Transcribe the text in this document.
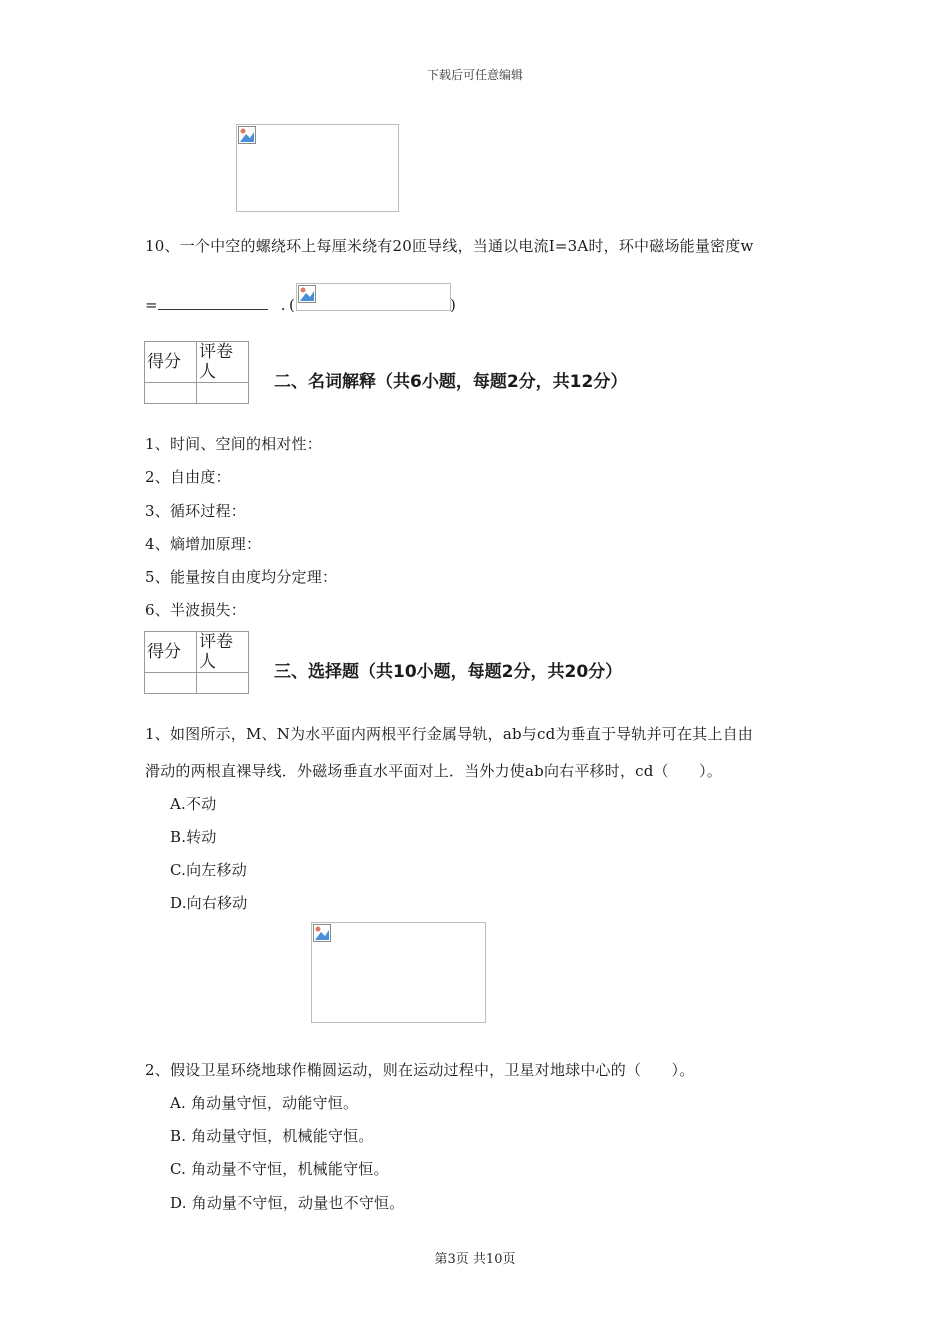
下载后可任意编辑
10、一个中空的螺绕环上每厘米绕有20匝导线，当通以电流I=3A时，环中磁场能量密度w
=	. (	)
得分	评卷人
		二、名词解释（共6小题，每题2分，共12分）
1、时间、空间的相对性：
2、自由度：
3、循环过程：
4、熵增加原理：
5、能量按自由度均分定理：
6、半波损失：
得分	评卷人
		三、选择题（共10小题，每题2分，共20分）
1、如图所示，M、N为水平面内两根平行金属导轨，ab与cd为垂直于导轨并可在其上自由
滑动的两根直裸导线．外磁场垂直水平面对上．当外力使ab向右平移时，cd（　　）。
A.不动
B.转动
C.向左移动
D.向右移动
2、假设卫星环绕地球作椭圆运动，则在运动过程中，卫星对地球中心的（　　）。
A. 角动量守恒，动能守恒。
B. 角动量守恒，机械能守恒。
C. 角动量不守恒，机械能守恒。
D. 角动量不守恒，动量也不守恒。
第3页 共10页
